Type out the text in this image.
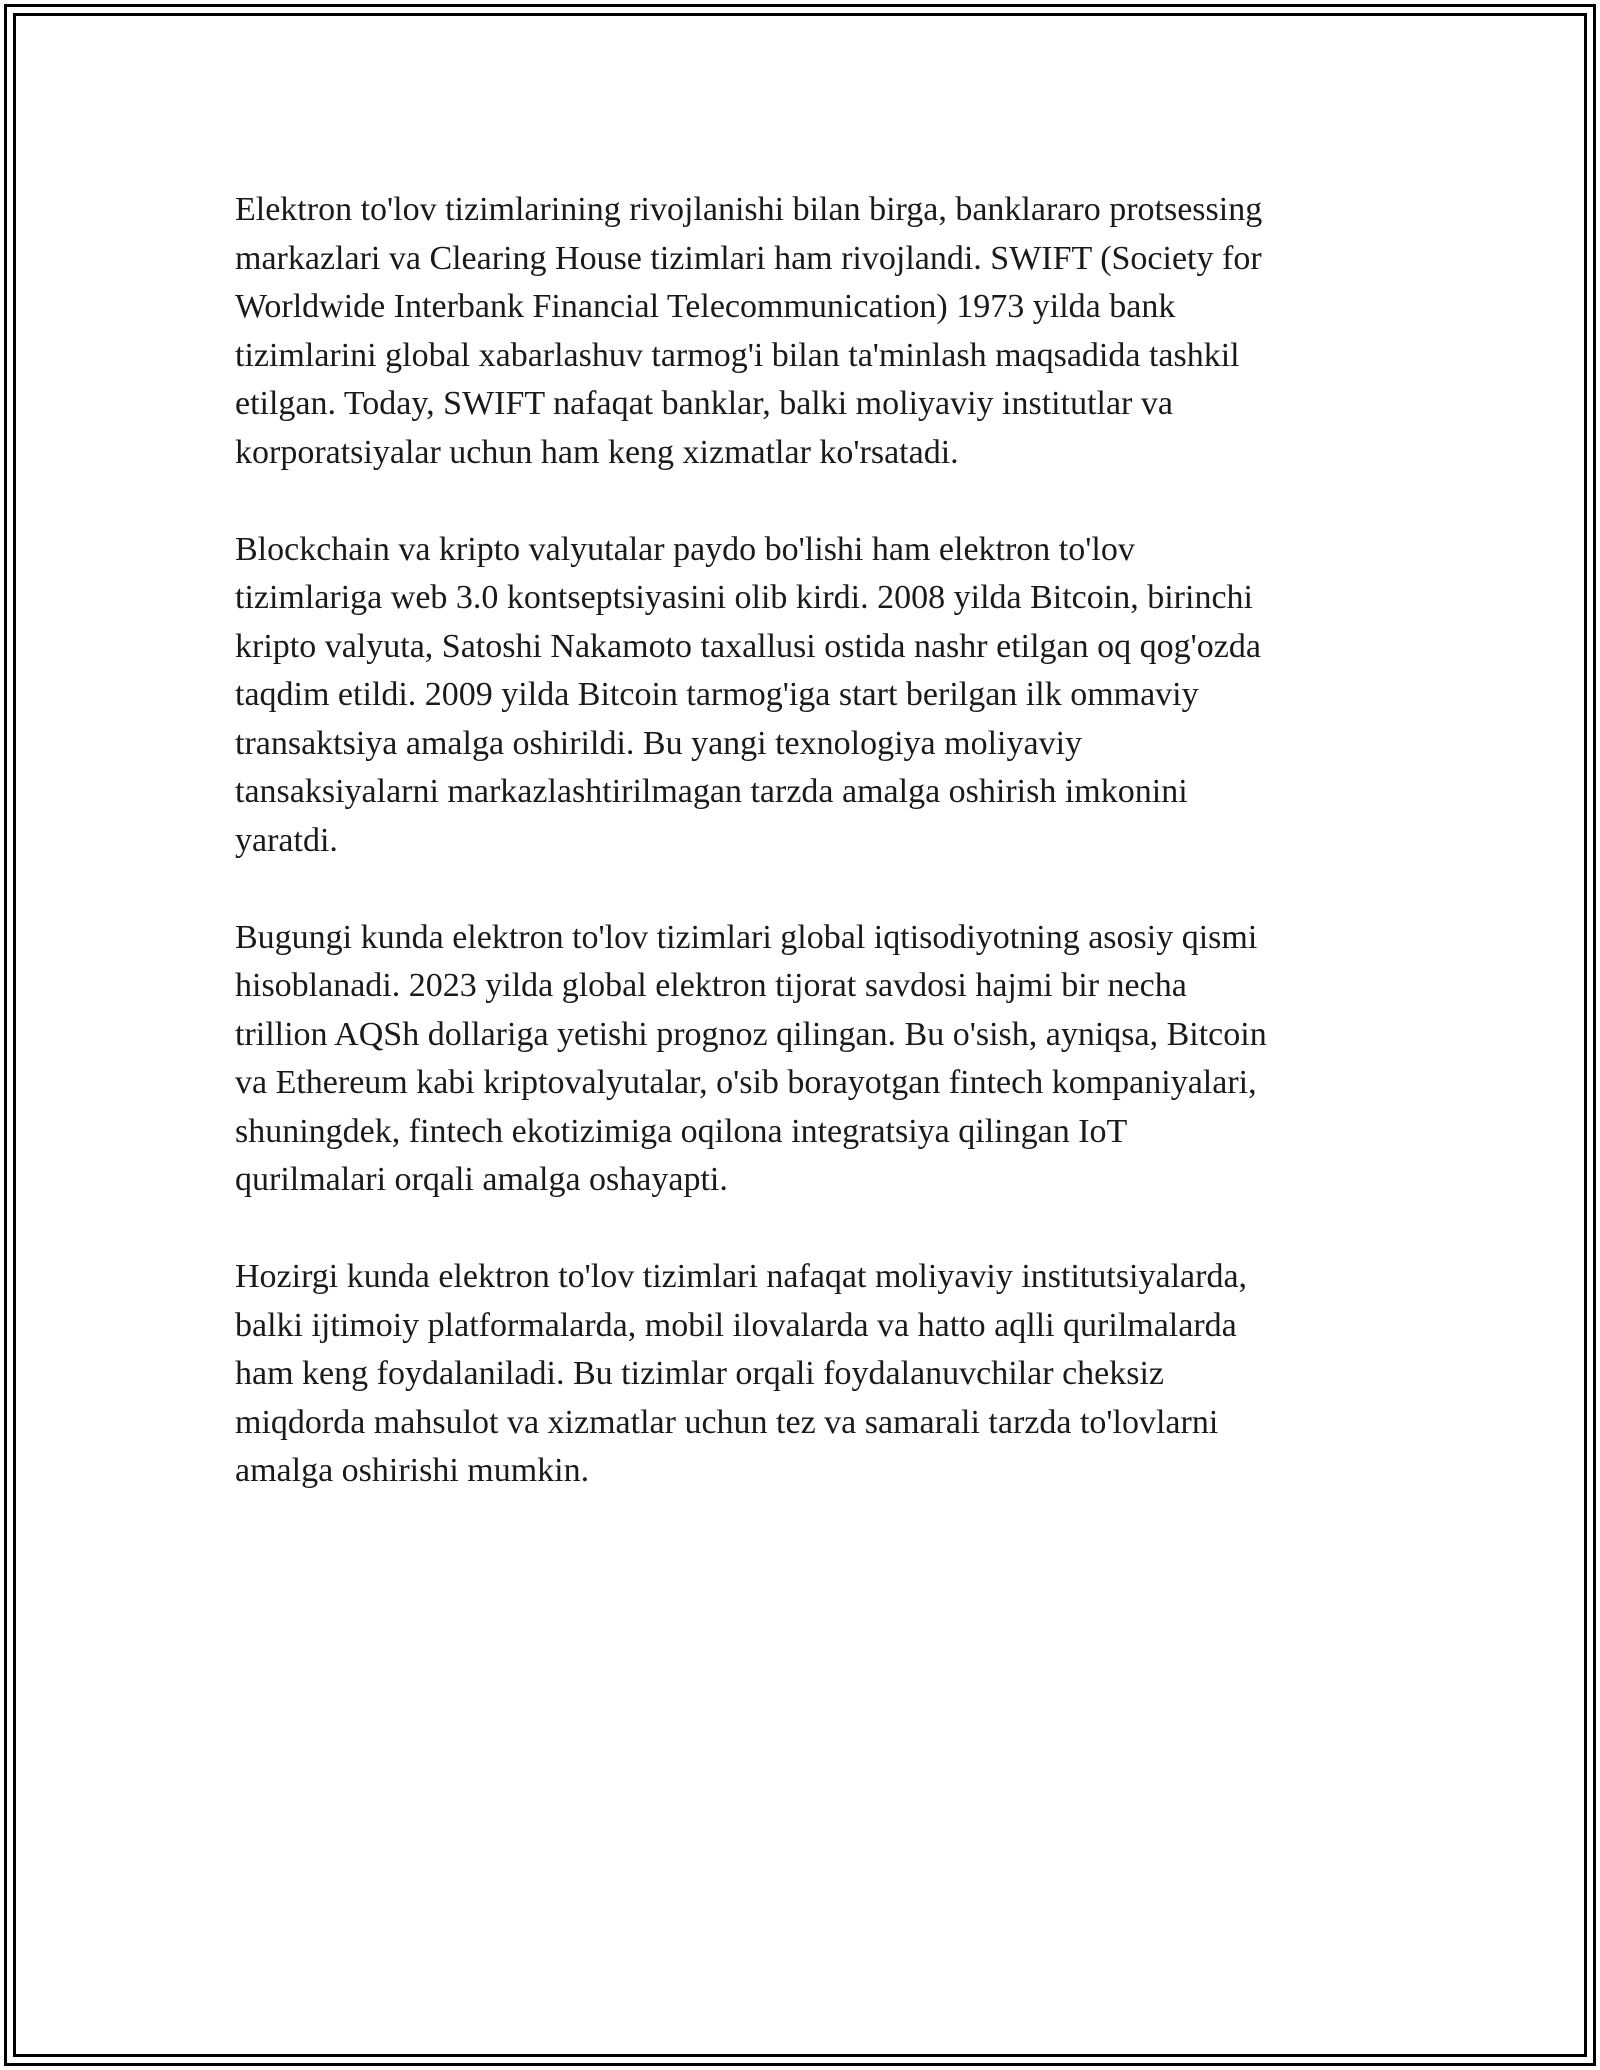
Elektron to'lov tizimlarining rivojlanishi bilan birga, banklararo protsessing
markazlari va Clearing House tizimlari ham rivojlandi. SWIFT (Society for
Worldwide Interbank Financial Telecommunication) 1973 yilda bank
tizimlarini global xabarlashuv tarmog'i bilan ta'minlash maqsadida tashkil
etilgan. Today, SWIFT nafaqat banklar, balki moliyaviy institutlar va
korporatsiyalar uchun ham keng xizmatlar ko'rsatadi.

Blockchain va kripto valyutalar paydo bo'lishi ham elektron to'lov
tizimlariga web 3.0 kontseptsiyasini olib kirdi. 2008 yilda Bitcoin, birinchi
kripto valyuta, Satoshi Nakamoto taxallusi ostida nashr etilgan oq qog'ozda
taqdim etildi. 2009 yilda Bitcoin tarmog'iga start berilgan ilk ommaviy
transaktsiya amalga oshirildi. Bu yangi texnologiya moliyaviy
tansaksiyalarni markazlashtirilmagan tarzda amalga oshirish imkonini
yaratdi.

Bugungi kunda elektron to'lov tizimlari global iqtisodiyotning asosiy qismi
hisoblanadi. 2023 yilda global elektron tijorat savdosi hajmi bir necha
trillion AQSh dollariga yetishi prognoz qilingan. Bu o'sish, ayniqsa, Bitcoin
va Ethereum kabi kriptovalyutalar, o'sib borayotgan fintech kompaniyalari,
shuningdek, fintech ekotizimiga oqilona integratsiya qilingan IoT
qurilmalari orqali amalga oshayapti.

Hozirgi kunda elektron to'lov tizimlari nafaqat moliyaviy institutsiyalarda,
balki ijtimoiy platformalarda, mobil ilovalarda va hatto aqlli qurilmalarda
ham keng foydalaniladi. Bu tizimlar orqali foydalanuvchilar cheksiz
miqdorda mahsulot va xizmatlar uchun tez va samarali tarzda to'lovlarni
amalga oshirishi mumkin.
